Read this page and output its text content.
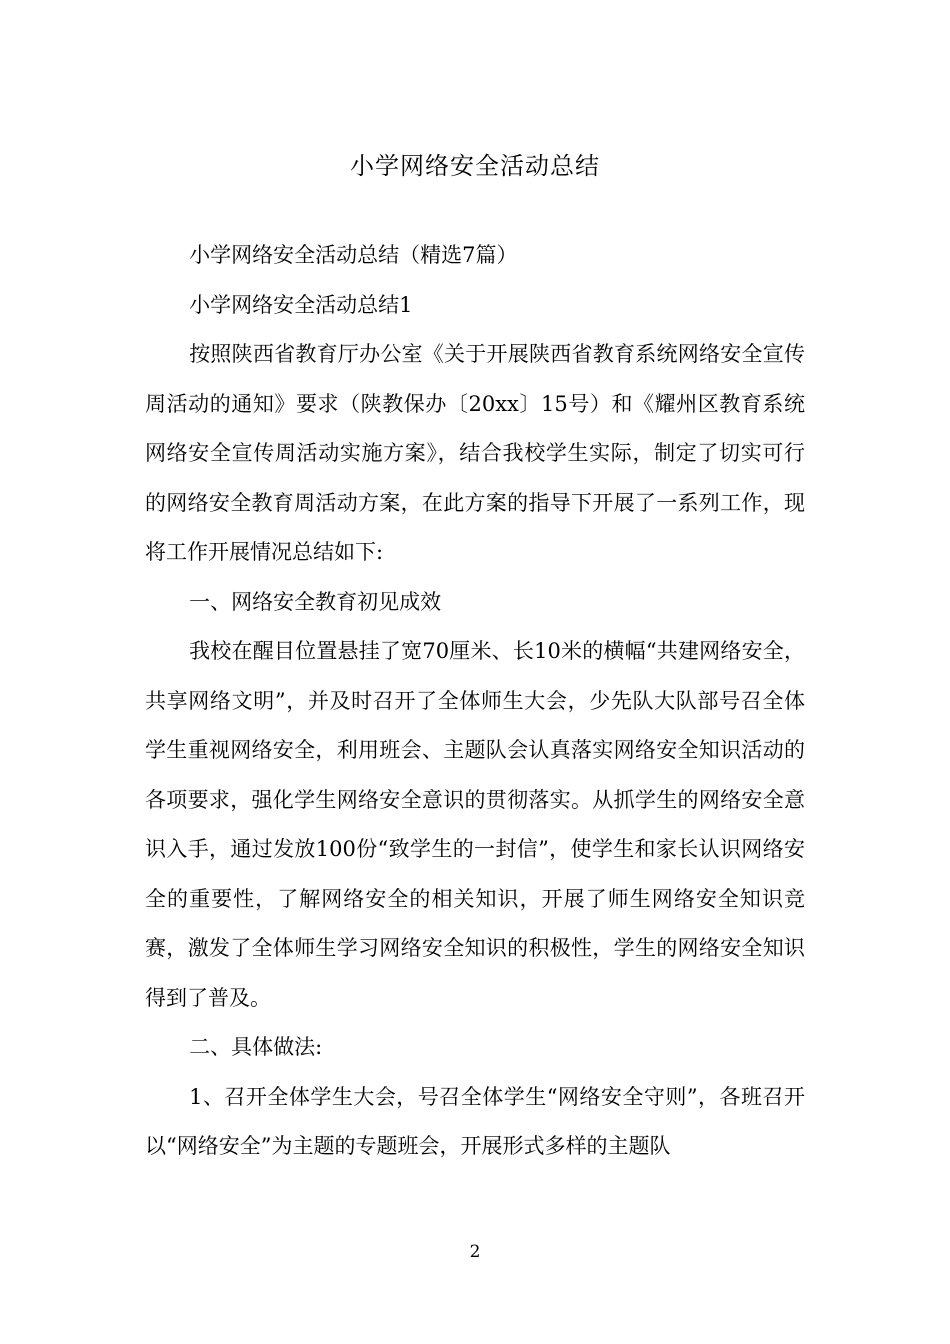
小学网络安全活动总结

小学网络安全活动总结（精选7篇）

小学网络安全活动总结1

按照陕西省教育厅办公室《关于开展陕西省教育系统网络安全宣传周活动的通知》要求（陕教保办〔20xx〕15号）和《耀州区教育系统网络安全宣传周活动实施方案》，结合我校学生实际，制定了切实可行的网络安全教育周活动方案，在此方案的指导下开展了一系列工作，现将工作开展情况总结如下:

一、网络安全教育初见成效

我校在醒目位置悬挂了宽70厘米、长10米的横幅“共建网络安全，共享网络文明”，并及时召开了全体师生大会，少先队大队部号召全体学生重视网络安全，利用班会、主题队会认真落实网络安全知识活动的各项要求，强化学生网络安全意识的贯彻落实。从抓学生的网络安全意识入手，通过发放100份“致学生的一封信”，使学生和家长认识网络安全的重要性，了解网络安全的相关知识，开展了师生网络安全知识竞赛，激发了全体师生学习网络安全知识的积极性，学生的网络安全知识得到了普及。

二、具体做法:

1、召开全体学生大会，号召全体学生“网络安全守则”，各班召开以“网络安全”为主题的专题班会，开展形式多样的主题队

2
